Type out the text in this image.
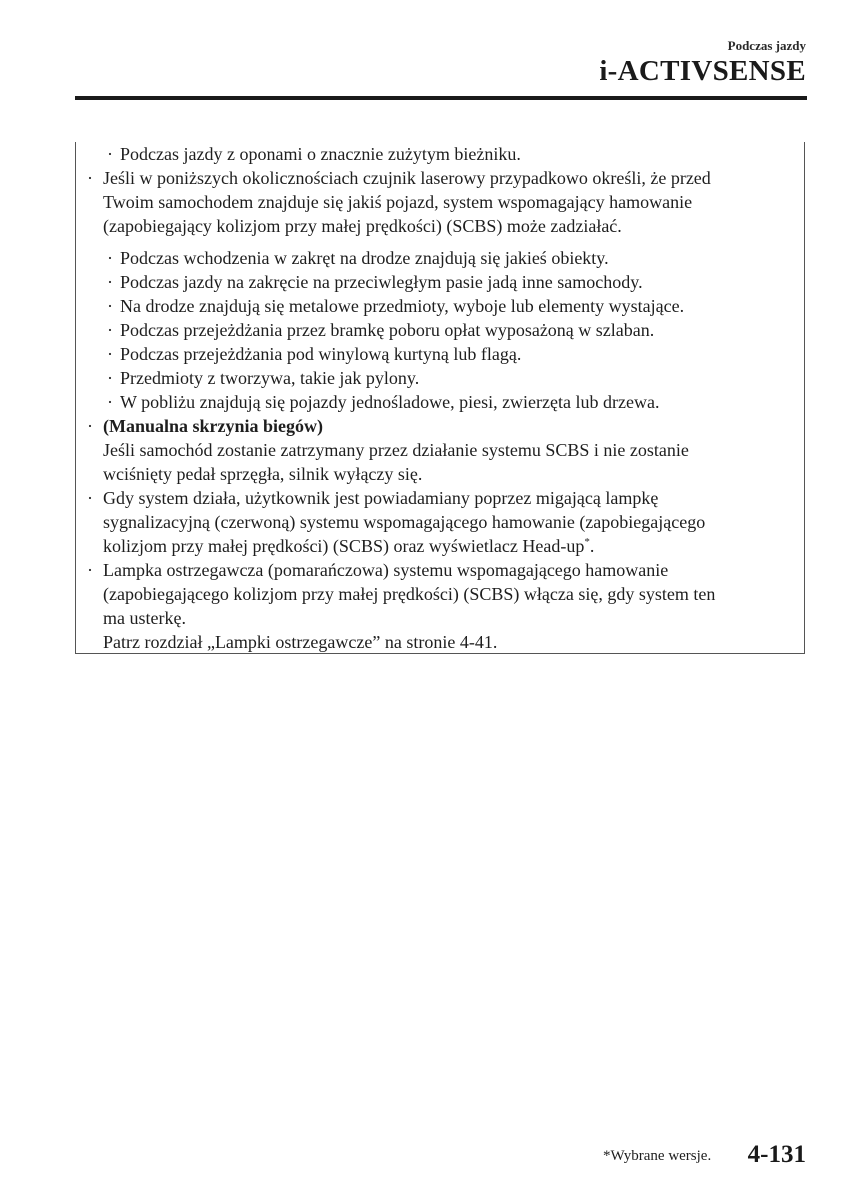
Podczas jazdy
i-ACTIVSENSE
· Podczas jazdy z oponami o znacznie zużytym bieżniku.
· Jeśli w poniższych okolicznościach czujnik laserowy przypadkowo określi, że przed
Twoim samochodem znajduje się jakiś pojazd, system wspomagający hamowanie
(zapobiegający kolizjom przy małej prędkości) (SCBS) może zadziałać.
· Podczas wchodzenia w zakręt na drodze znajdują się jakieś obiekty.
· Podczas jazdy na zakręcie na przeciwległym pasie jadą inne samochody.
· Na drodze znajdują się metalowe przedmioty, wyboje lub elementy wystające.
· Podczas przejeżdżania przez bramkę poboru opłat wyposażoną w szlaban.
· Podczas przejeżdżania pod winylową kurtyną lub flagą.
· Przedmioty z tworzywa, takie jak pylony.
· W pobliżu znajdują się pojazdy jednośladowe, piesi, zwierzęta lub drzewa.
· (Manualna skrzynia biegów)
Jeśli samochód zostanie zatrzymany przez działanie systemu SCBS i nie zostanie
wciśnięty pedał sprzęgła, silnik wyłączy się.
· Gdy system działa, użytkownik jest powiadamiany poprzez migającą lampkę
sygnalizacyjną (czerwoną) systemu wspomagającego hamowanie (zapobiegającego
kolizjom przy małej prędkości) (SCBS) oraz wyświetlacz Head-up*.
· Lampka ostrzegawcza (pomarańczowa) systemu wspomagającego hamowanie
(zapobiegającego kolizjom przy małej prędkości) (SCBS) włącza się, gdy system ten
ma usterkę.
Patrz rozdział „Lampki ostrzegawcze” na stronie 4-41.
*Wybrane wersje. 4-131
